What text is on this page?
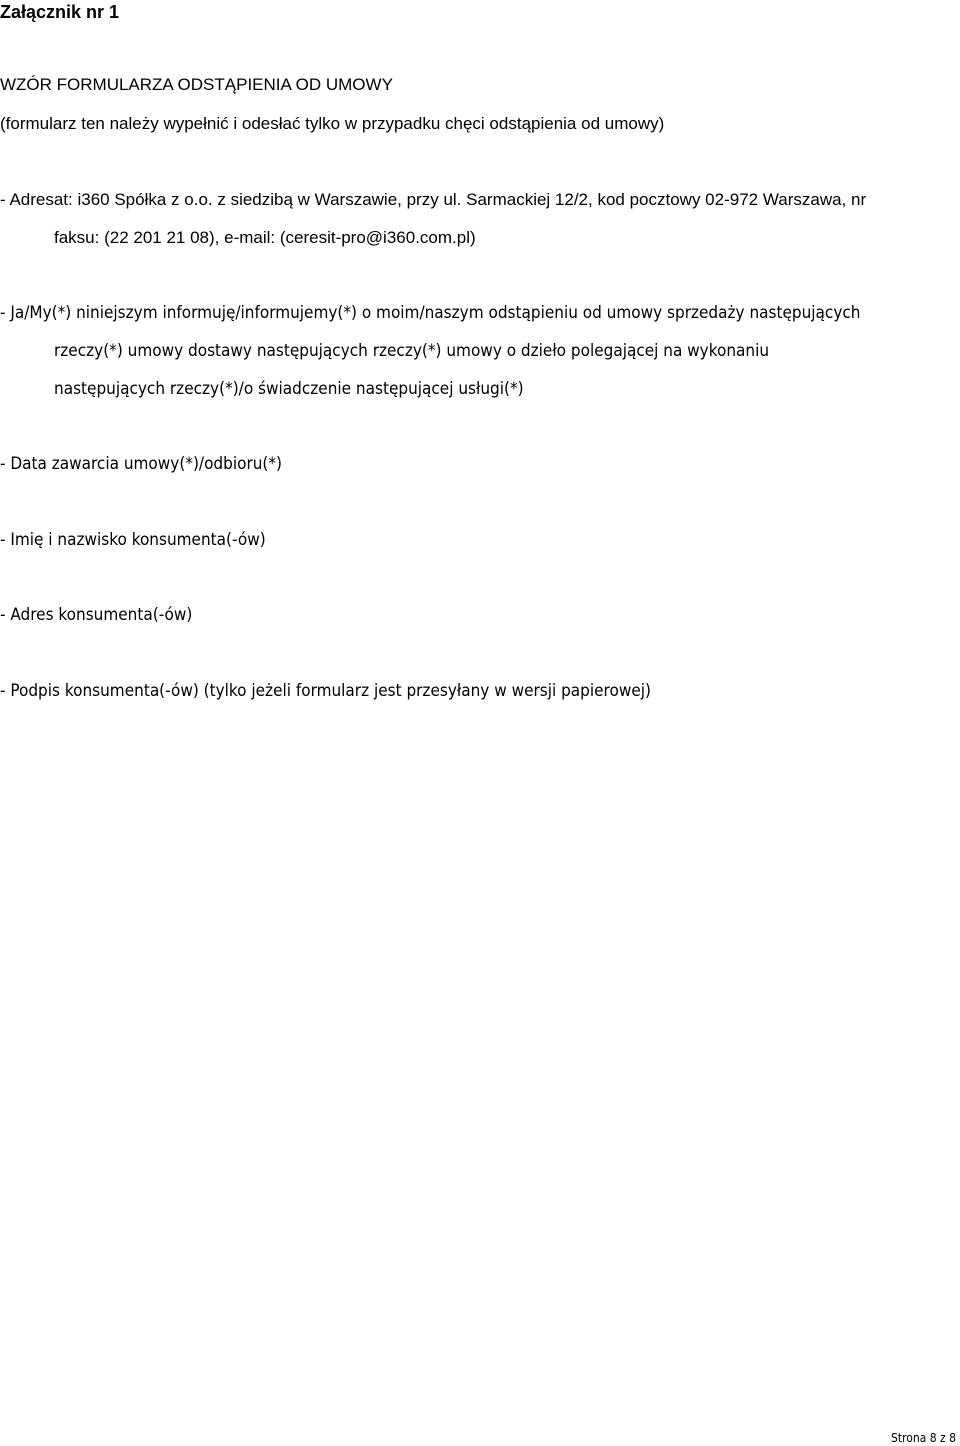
Załącznik nr 1
WZÓR FORMULARZA ODSTĄPIENIA OD UMOWY
(formularz ten należy wypełnić i odesłać tylko w przypadku chęci odstąpienia od umowy)
- Adresat: i360 Spółka z o.o. z siedzibą w Warszawie, przy ul. Sarmackiej 12/2, kod pocztowy 02-972 Warszawa, nr
faksu: (22 201 21 08), e-mail: (ceresit-pro@i360.com.pl)
- Ja/My(*) niniejszym informuję/informujemy(*) o moim/naszym odstąpieniu od umowy sprzedaży następujących
rzeczy(*) umowy dostawy następujących rzeczy(*) umowy o dzieło polegającej na wykonaniu
następujących rzeczy(*)/o świadczenie następującej usługi(*)
- Data zawarcia umowy(*)/odbioru(*)
- Imię i nazwisko konsumenta(-ów)
- Adres konsumenta(-ów)
- Podpis konsumenta(-ów) (tylko jeżeli formularz jest przesyłany w wersji papierowej)
Strona 8 z 8
